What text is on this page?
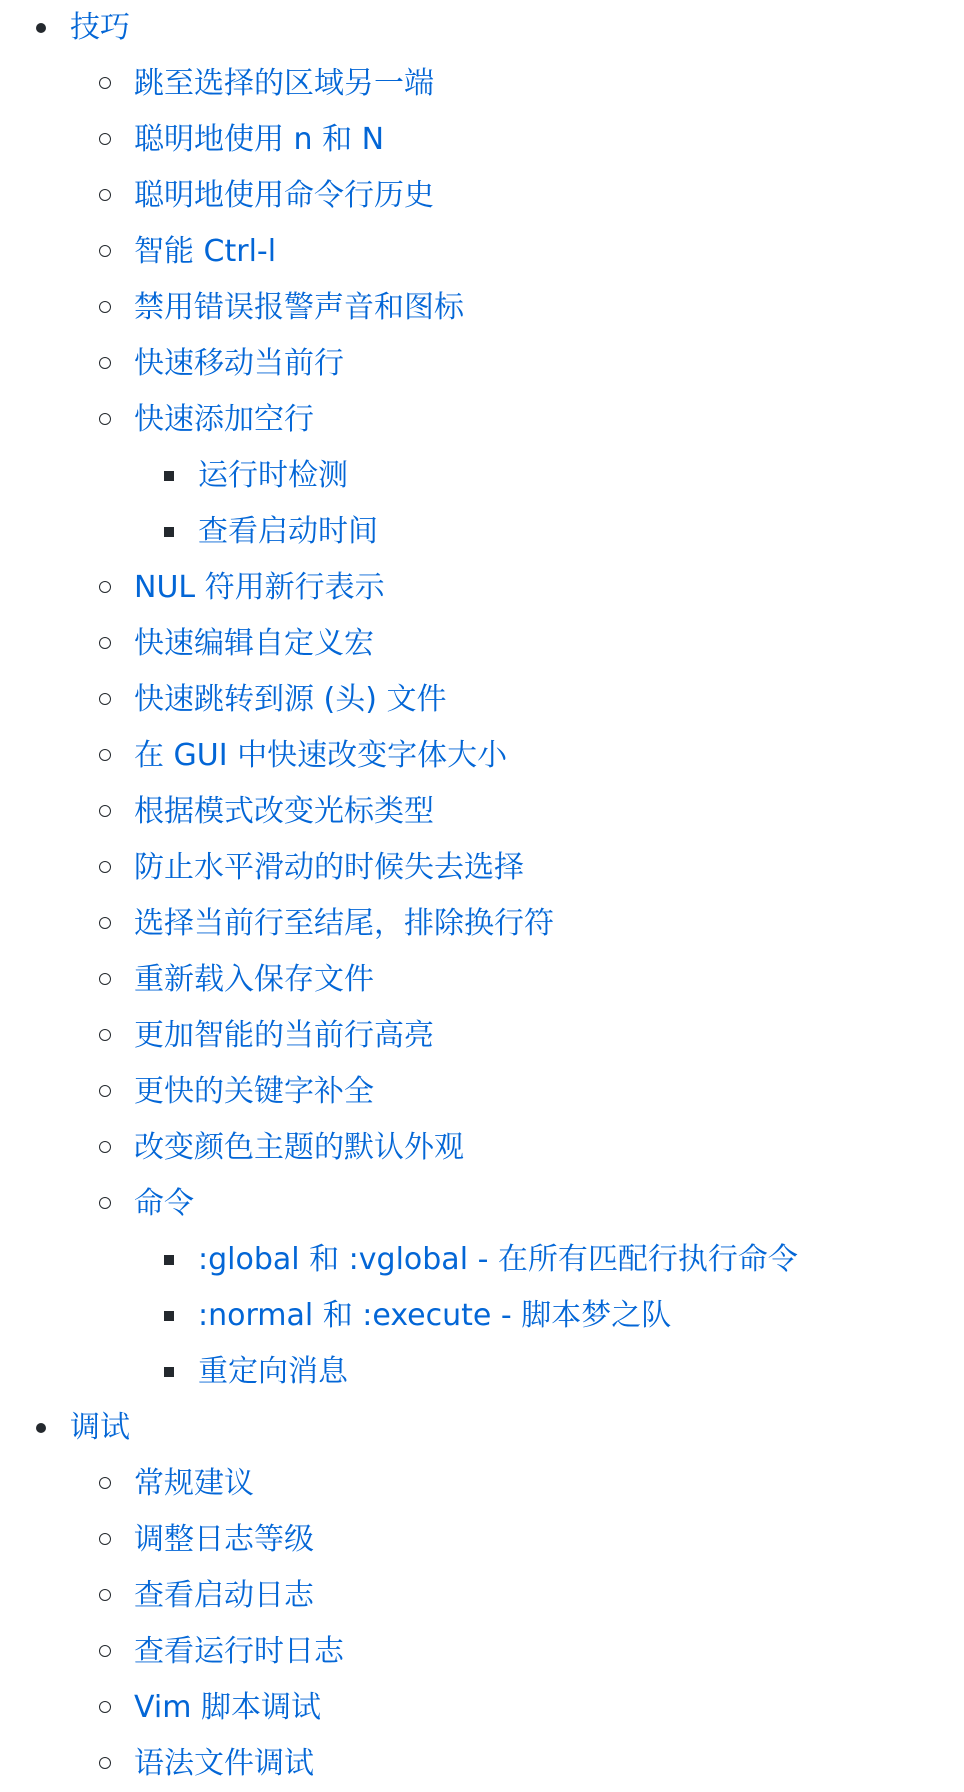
技巧
跳至选择的区域另一端
聪明地使用 n 和 N
聪明地使用命令行历史
智能 Ctrl-l
禁用错误报警声音和图标
快速移动当前行
快速添加空行
运行时检测
查看启动时间
NUL 符用新行表示
快速编辑自定义宏
快速跳转到源 (头) 文件
在 GUI 中快速改变字体大小
根据模式改变光标类型
防止水平滑动的时候失去选择
选择当前行至结尾，排除换行符
重新载入保存文件
更加智能的当前行高亮
更快的关键字补全
改变颜色主题的默认外观
命令
:global 和 :vglobal - 在所有匹配行执行命令
:normal 和 :execute - 脚本梦之队
重定向消息
调试
常规建议
调整日志等级
查看启动日志
查看运行时日志
Vim 脚本调试
语法文件调试
